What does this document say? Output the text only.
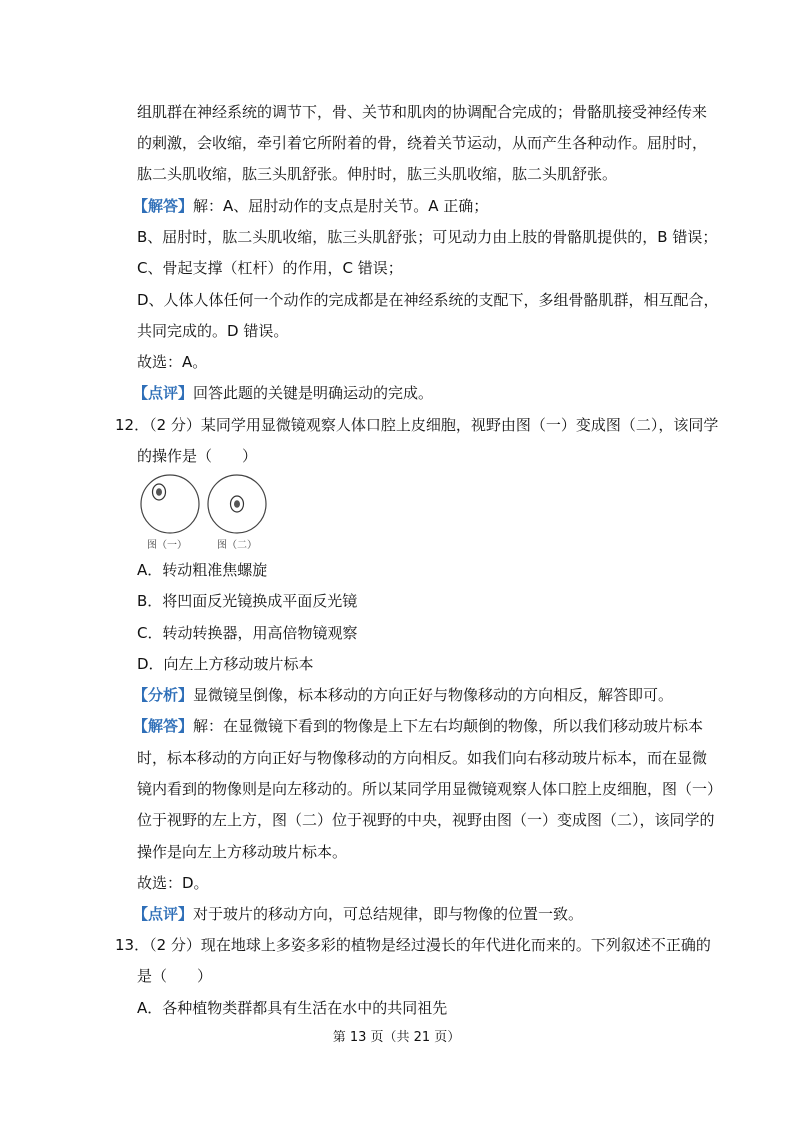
组肌群在神经系统的调节下，骨、关节和肌肉的协调配合完成的；骨骼肌接受神经传来
的刺激，会收缩，牵引着它所附着的骨，绕着关节运动，从而产生各种动作。屈肘时，
肱二头肌收缩，肱三头肌舒张。伸肘时，肱三头肌收缩，肱二头肌舒张。
【解答】解：A、屈肘动作的支点是肘关节。A 正确；
B、屈肘时，肱二头肌收缩，肱三头肌舒张；可见动力由上肢的骨骼肌提供的，B 错误；
C、骨起支撑（杠杆）的作用，C 错误；
D、人体人体任何一个动作的完成都是在神经系统的支配下，多组骨骼肌群，相互配合，
共同完成的。D 错误。
故选：A。
【点评】回答此题的关键是明确运动的完成。
12．（2 分）某同学用显微镜观察人体口腔上皮细胞，视野由图（一）变成图（二），该同学
的操作是（　　）
图（一）	图（二）
A．转动粗准焦螺旋
B．将凹面反光镜换成平面反光镜
C．转动转换器，用高倍物镜观察
D．向左上方移动玻片标本
【分析】显微镜呈倒像，标本移动的方向正好与物像移动的方向相反，解答即可。
【解答】解：在显微镜下看到的物像是上下左右均颠倒的物像，所以我们移动玻片标本
时，标本移动的方向正好与物像移动的方向相反。如我们向右移动玻片标本，而在显微
镜内看到的物像则是向左移动的。所以某同学用显微镜观察人体口腔上皮细胞，图（一）
位于视野的左上方，图（二）位于视野的中央，视野由图（一）变成图（二），该同学的
操作是向左上方移动玻片标本。
故选：D。
【点评】对于玻片的移动方向，可总结规律，即与物像的位置一致。
13．（2 分）现在地球上多姿多彩的植物是经过漫长的年代进化而来的。下列叙述不正确的
是（　　）
A．各种植物类群都具有生活在水中的共同祖先
第 13 页（共 21 页）
